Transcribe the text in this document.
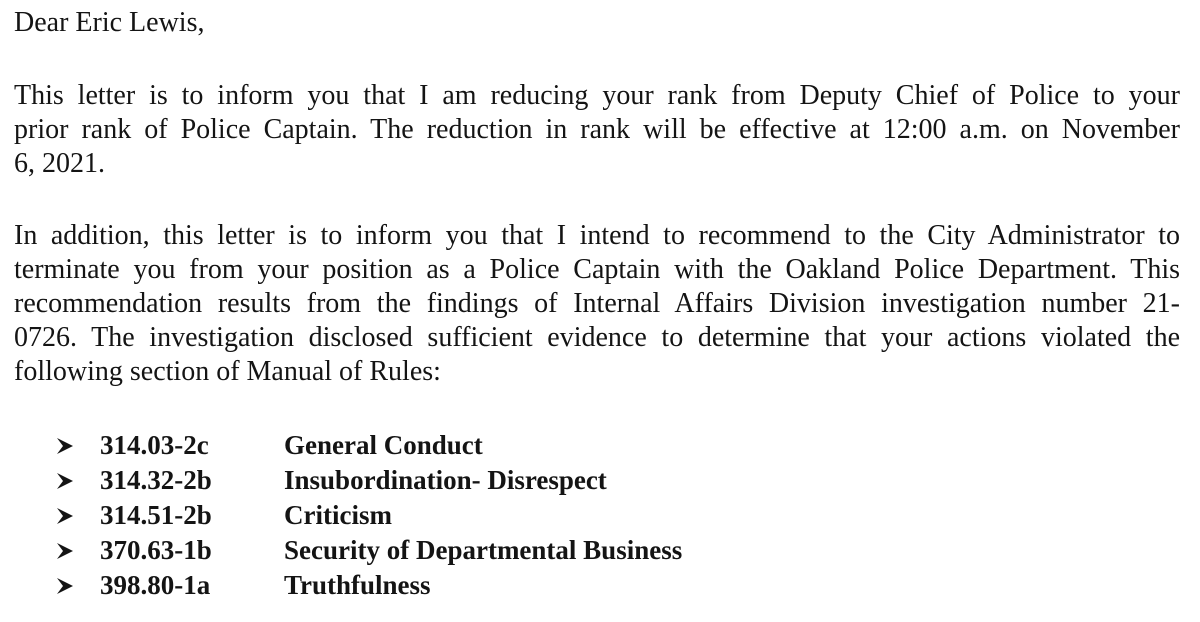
Dear Eric Lewis,
This letter is to inform you that I am reducing your rank from Deputy Chief of Police to your
prior rank of Police Captain. The reduction in rank will be effective at 12:00 a.m. on November
6, 2021.
In addition, this letter is to inform you that I intend to recommend to the City Administrator to
terminate you from your position as a Police Captain with the Oakland Police Department. This
recommendation results from the findings of Internal Affairs Division investigation number 21-
0726. The investigation disclosed sufficient evidence to determine that your actions violated the
following section of Manual of Rules:
314.03-2c	General Conduct
314.32-2b	Insubordination- Disrespect
314.51-2b	Criticism
370.63-1b	Security of Departmental Business
398.80-1a	Truthfulness
